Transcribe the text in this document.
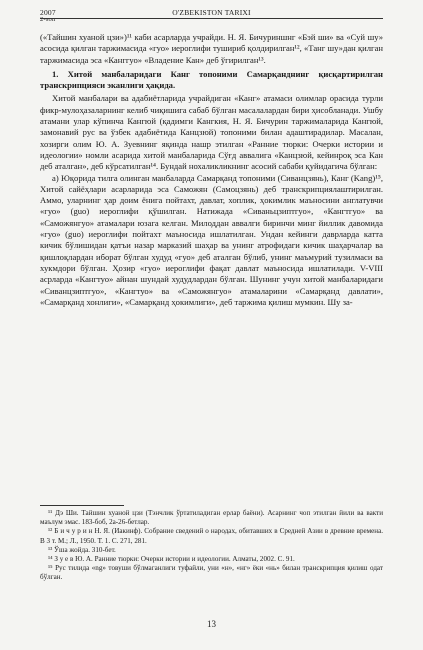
2007	O'ZBEKISTON TARIXI
2-son

(«Тайшин хуаной цзи»)¹¹ каби асарларда учрайди. Н. Я. Бичуриншнг «Бэй ши» ва «Суй шу» асосида қилган таржимасида «гуо» иероглифи тушириб қолдирилган¹², «Танг шу»дан қилган таржимасида эса «Канггуо» «Владение Кан» деб ўгирилган¹³.

1. Хитой манбаларидаги Канг топоними Самарқанднинг қисқартирилган транскрипцияси эканлиги ҳақида.

Хитой манбалари ва адабиётларида учрайдиган «Канг» атамаси олимлар орасида турли фикр-мулоҳазаларнинг келиб чиқишига сабаб бўлган масалалардан бири ҳисобланади. Ушбу атамани улар кўпинча Кангюй (қадимги Кангкия, Н. Я. Бичурин таржималарида Кангюй, замонавий рус ва ўзбек адабиётида Канцзюй) топоними билан адаштирадилар. Масалан, хозирги олим Ю. А. Зуевнинг яқинда нашр этилган «Ранние тюрки: Очерки истории и идеологии» номли асарида хитой манбаларида Сўғд аввалига «Канцзюй, кейинроқ эса Кан деб аталган», деб кўрсатилган¹⁴. Бундай нохаликликнинг асосий сабаби қуйидагича бўлган:

а) Юқорида тилга олинган манбаларда Самарқанд топоними (Сиванцзянь), Канг (Kang)¹⁵, Хитой сайёҳлари асарларида эса Саможян (Самоцзянь) деб транскрипциялаштирилган. Аммо, уларнинг ҳар доим ёнига пойтахт, давлат, хоплик, ҳокимлик маъносини англатувчи «гуо» (guo) иероглифи қўшилган. Натижада «Сиваньцзиптгуо», «Кангтгуо» ва «Саможянгуо» атамалари юзага келган. Милоддан аввалги биринчи минг йиллик давомида «гуо» (guo) иероглифи пойтахт маъносида ишлатилган. Ундан кейинги даврларда катта кичик бўлишидан қатъи назар марказий шаҳар ва унинг атрофидаги кичик шаҳарчалар ва қишлоқлардан иборат бўлган худуд «гуо» деб аталган бўлиб, унинг маъмурий тузилмаси ва хукмдори бўлган. Ҳозир «гуо» иероглифи фақат давлат маъносида ишлатилади. V-VIII асрларда «Кангтуо» айнан шундай худудлардан бўлган. Шунинг учун хитой манбаларидаги «Сиванцзиптгуо», «Кангтуо» ва «Саможянгуо» атамаларини «Самарқанд давлати», «Самарқанд хонлиги», «Самарқанд ҳокимлиги», деб таржима қилиш мумкин. Шу за-

¹¹ Дэ Ши. Тайшин хуаной цзи (Тэнчлик ўртатиладиган ерлар баёни). Асарнинг чоп этилган йили ва вакти маълум эмас. 183-боб, 2а-26-бетлар.

¹² Б и ч у р и н Н. Я. (Иакинф). Собрание сведений о народах, обитавших в Средней Азии в древние времена. В 3 т. М.; Л., 1950. Т. 1. С. 271, 281.

¹³ Ўша жойда. 310-бет.

¹⁴ З у е в Ю. А. Ранние тюрки: Очерки истории и идеологии. Алматы, 2002. С. 91.

¹⁵ Рус тилида «ng» товуши бўлмаганлиги туфайли, уни «н», «нг» ёки «нь» билан транскрипция қилиш одат бўлган.

13
